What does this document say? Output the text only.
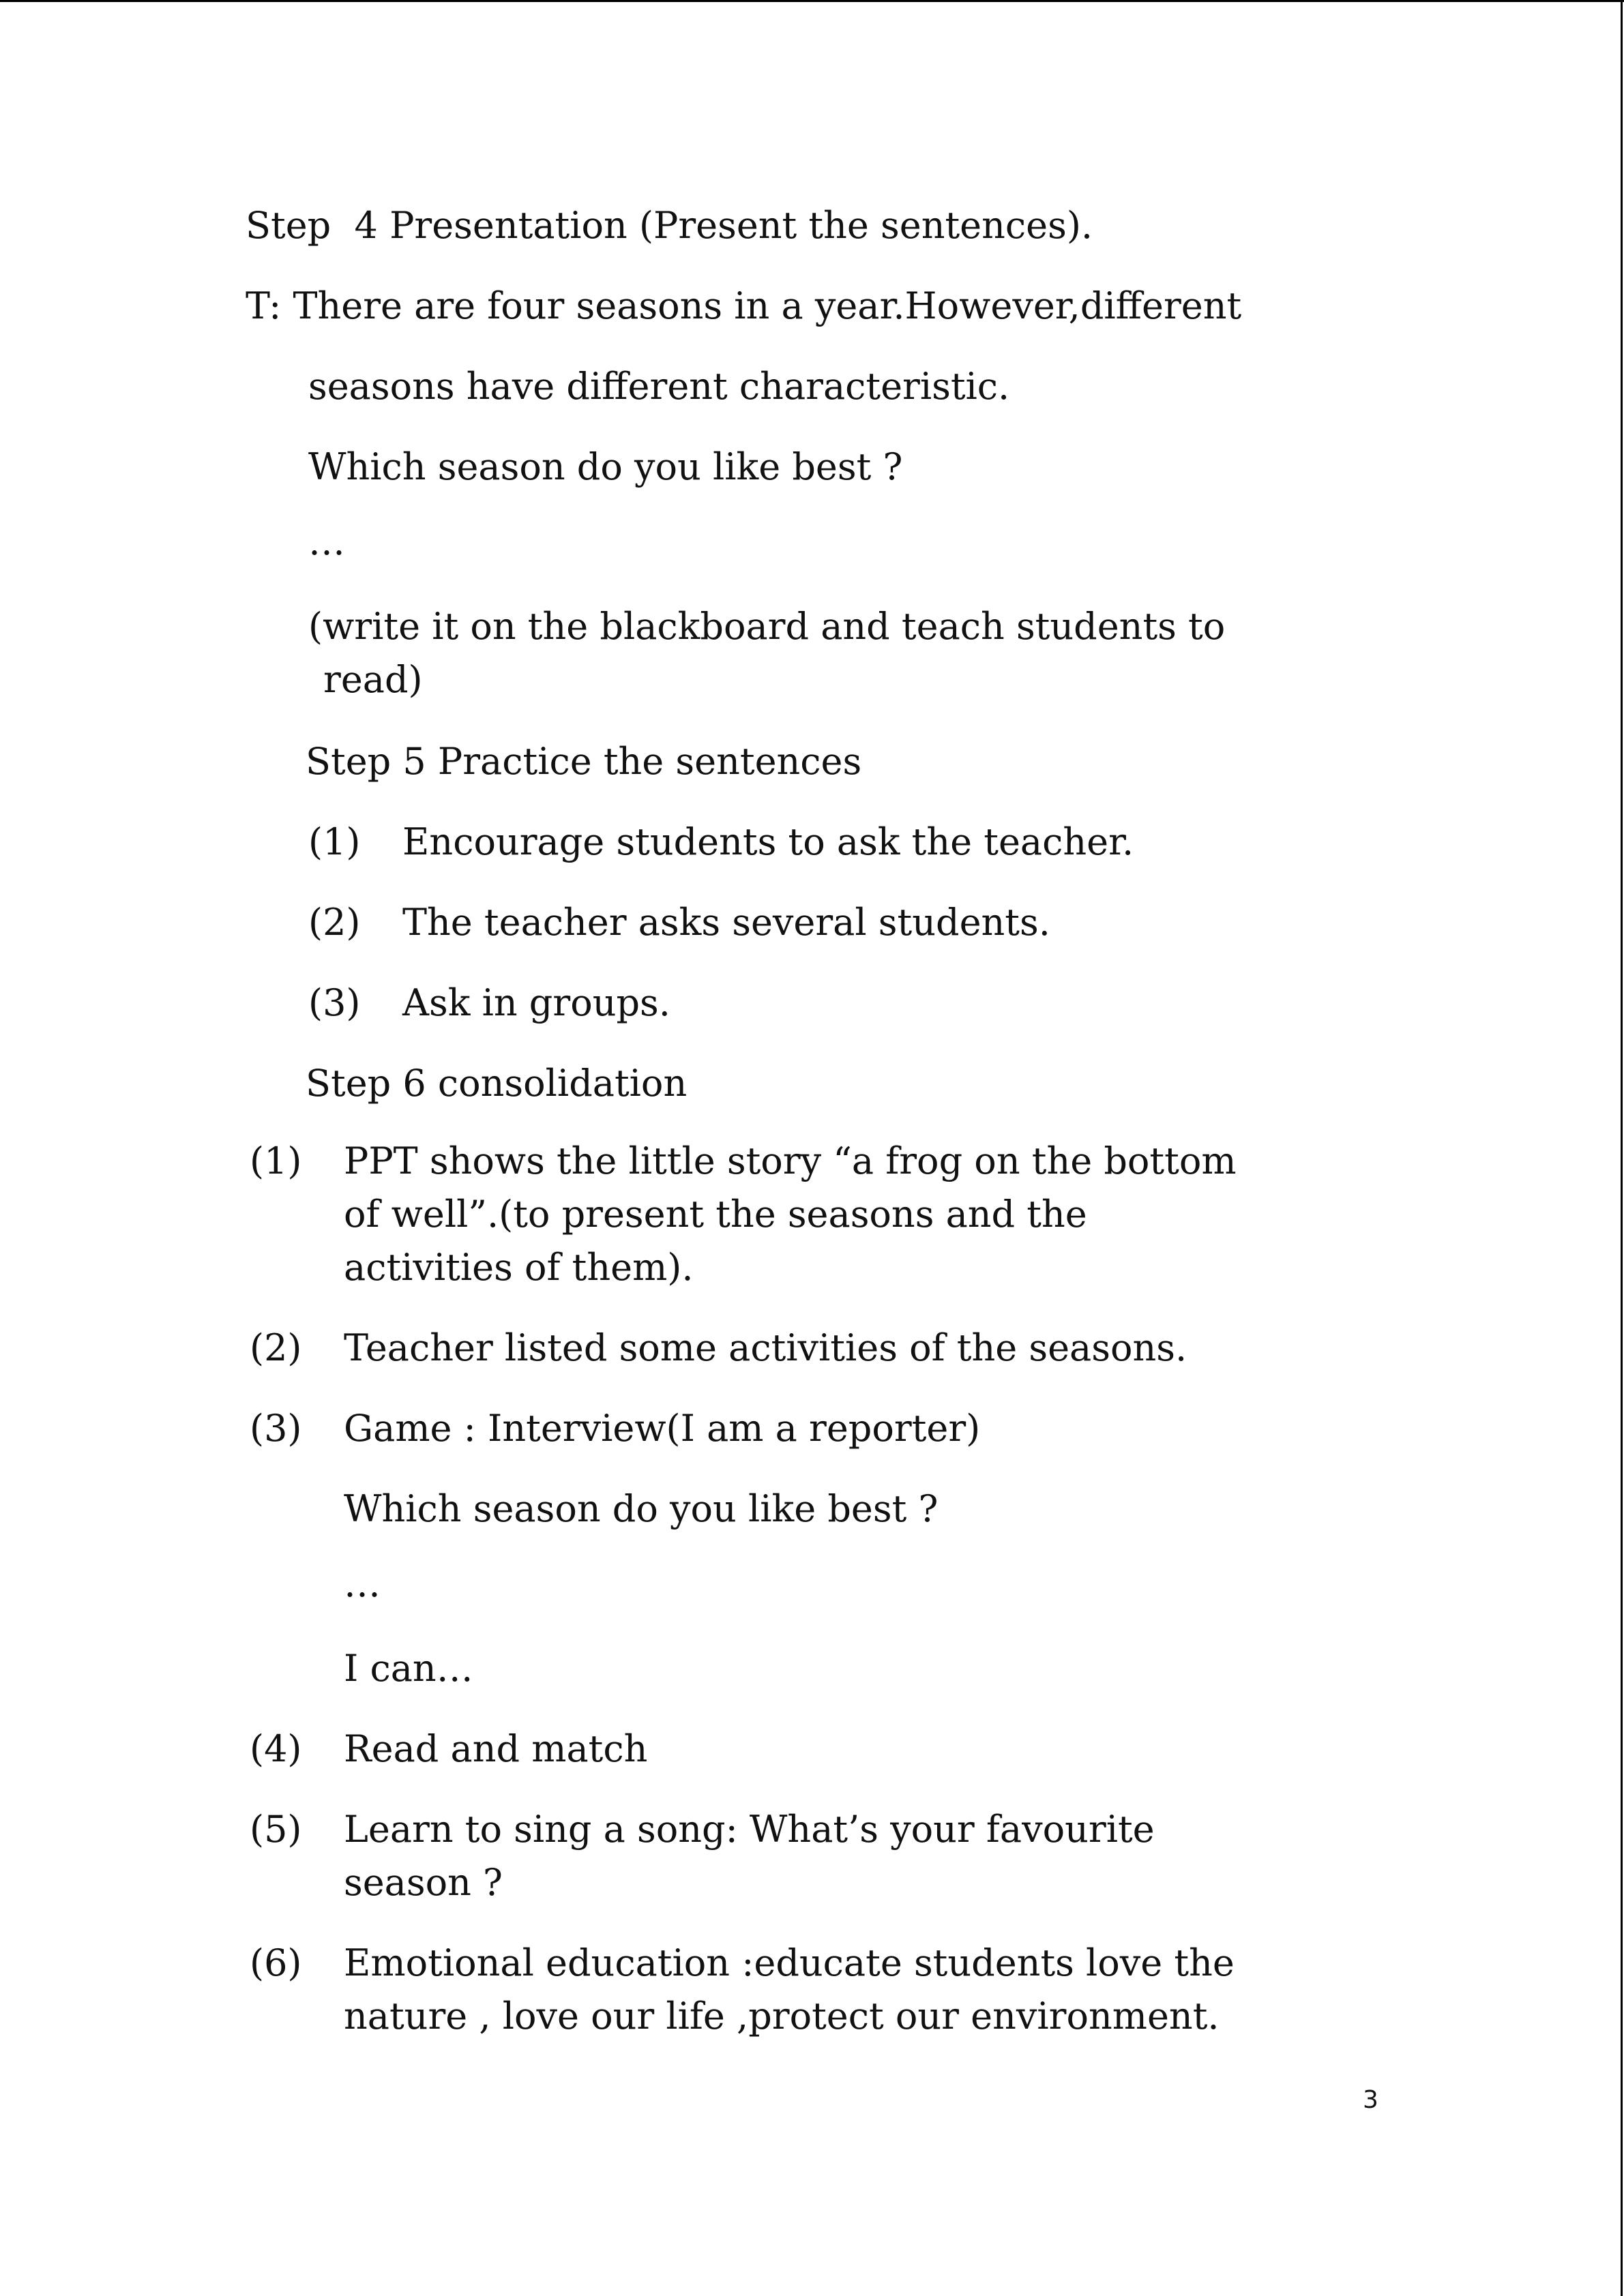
Step  4 Presentation (Present the sentences).
T: There are four seasons in a year.However,different
seasons have different characteristic.
Which season do you like best ?
…
(write it on the blackboard and teach students to
read)
Step 5 Practice the sentences
(1) Encourage students to ask the teacher.
(2) The teacher asks several students.
(3) Ask in groups.
Step 6 consolidation
(1) PPT shows the little story “a frog on the bottom
of well”.(to present the seasons and the
activities of them).
(2) Teacher listed some activities of the seasons.
(3) Game : Interview(I am a reporter)
Which season do you like best ?
…
I can…
(4) Read and match
(5) Learn to sing a song: What’s your favourite
season ?
(6) Emotional education :educate students love the
nature , love our life ,protect our environment.
3
